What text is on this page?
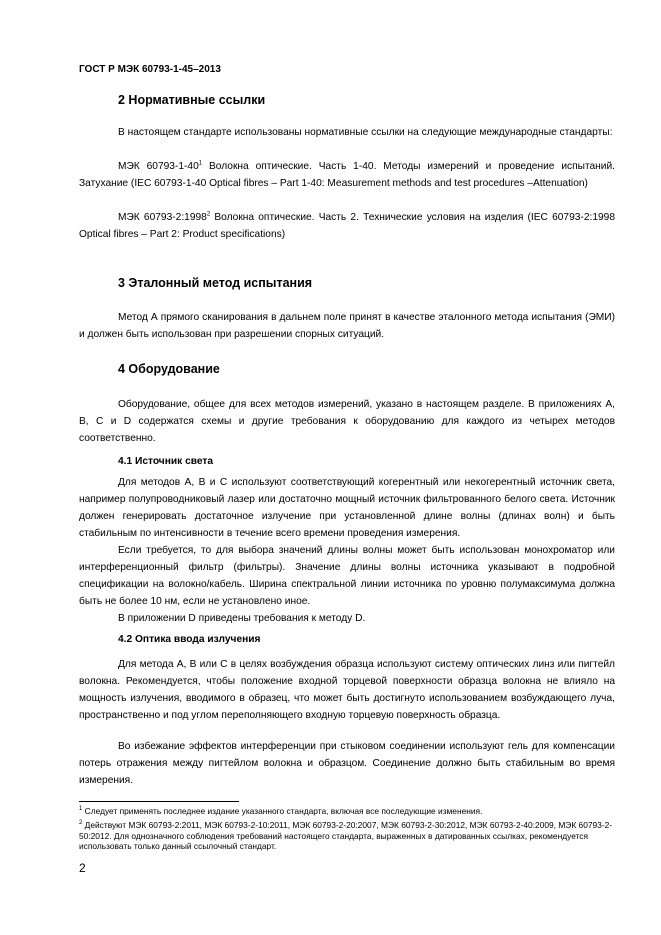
ГОСТ Р МЭК 60793-1-45–2013
2 Нормативные ссылки

В настоящем стандарте использованы нормативные ссылки на следующие международные стандарты:

МЭК $60793-1-40^1$ Волокна оптические. Часть 1-40. Методы измерений и проведение испытаний. Затухание (IEC 60793-1-40 Optical fibres – Part 1-40: Measurement methods and test procedures –Attenuation)

МЭК 60793-2:1998$^2$ Волокна оптические. Часть 2. Технические условия на изделия (IEC 60793-2:1998 Optical fibres – Part 2: Product specifications)

3 Эталонный метод испытания

Метод А прямого сканирования в дальнем поле принят в качестве эталонного метода испытания (ЭМИ) и должен быть использован при разрешении спорных ситуаций.

4 Оборудование

Оборудование, общее для всех методов измерений, указано в настоящем разделе. В приложениях А, В, С и D содержатся схемы и другие требования к оборудованию для каждого из четырех методов соответственно.

4.1 Источник света

Для методов А, В и С используют соответствующий когерентный или некогерентный источник света, например полупроводниковый лазер или достаточно мощный источник фильтрованного белого света. Источник должен генерировать достаточное излучение при установленной длине волны (длинах волн) и быть стабильным по интенсивности в течение всего времени проведения измерения.

Если требуется, то для выбора значений длины волны может быть использован монохроматор или интерференционный фильтр (фильтры). Значение длины волны источника указывают в подробной спецификации на волокно/кабель. Ширина спектральной линии источника по уровню полумаксимума должна быть не более 10 нм, если не установлено иное.

В приложении D приведены требования к методу D.

4.2 Оптика ввода излучения

Для метода А, В или С в целях возбуждения образца используют систему оптических линз или пигтейл волокна. Рекомендуется, чтобы положение входной торцевой поверхности образца волокна не влияло на мощность излучения, вводимого в образец, что может быть достигнуто использованием возбуждающего луча, пространственно и под углом переполняющего входную торцевую поверхность образца.

Во избежание эффектов интерференции при стыковом соединении используют гель для компенсации потерь отражения между пигтейлом волокна и образцом. Соединение должно быть стабильным во время измерения.

$^1$ Следует применять последнее издание указанного стандарта, включая все последующие изменения.

$^2$ Действуют МЭК 60793-2:2011, МЭК 60793-2-10:2011, МЭК 60793-2-20:2007, МЭК 60793-2-30:2012, МЭК 60793-2-40:2009, МЭК 60793-2-50:2012. Для однозначного соблюдения требований настоящего стандарта, выраженных в датированных ссылках, рекомендуется использовать только данный ссылочный стандарт.

2
